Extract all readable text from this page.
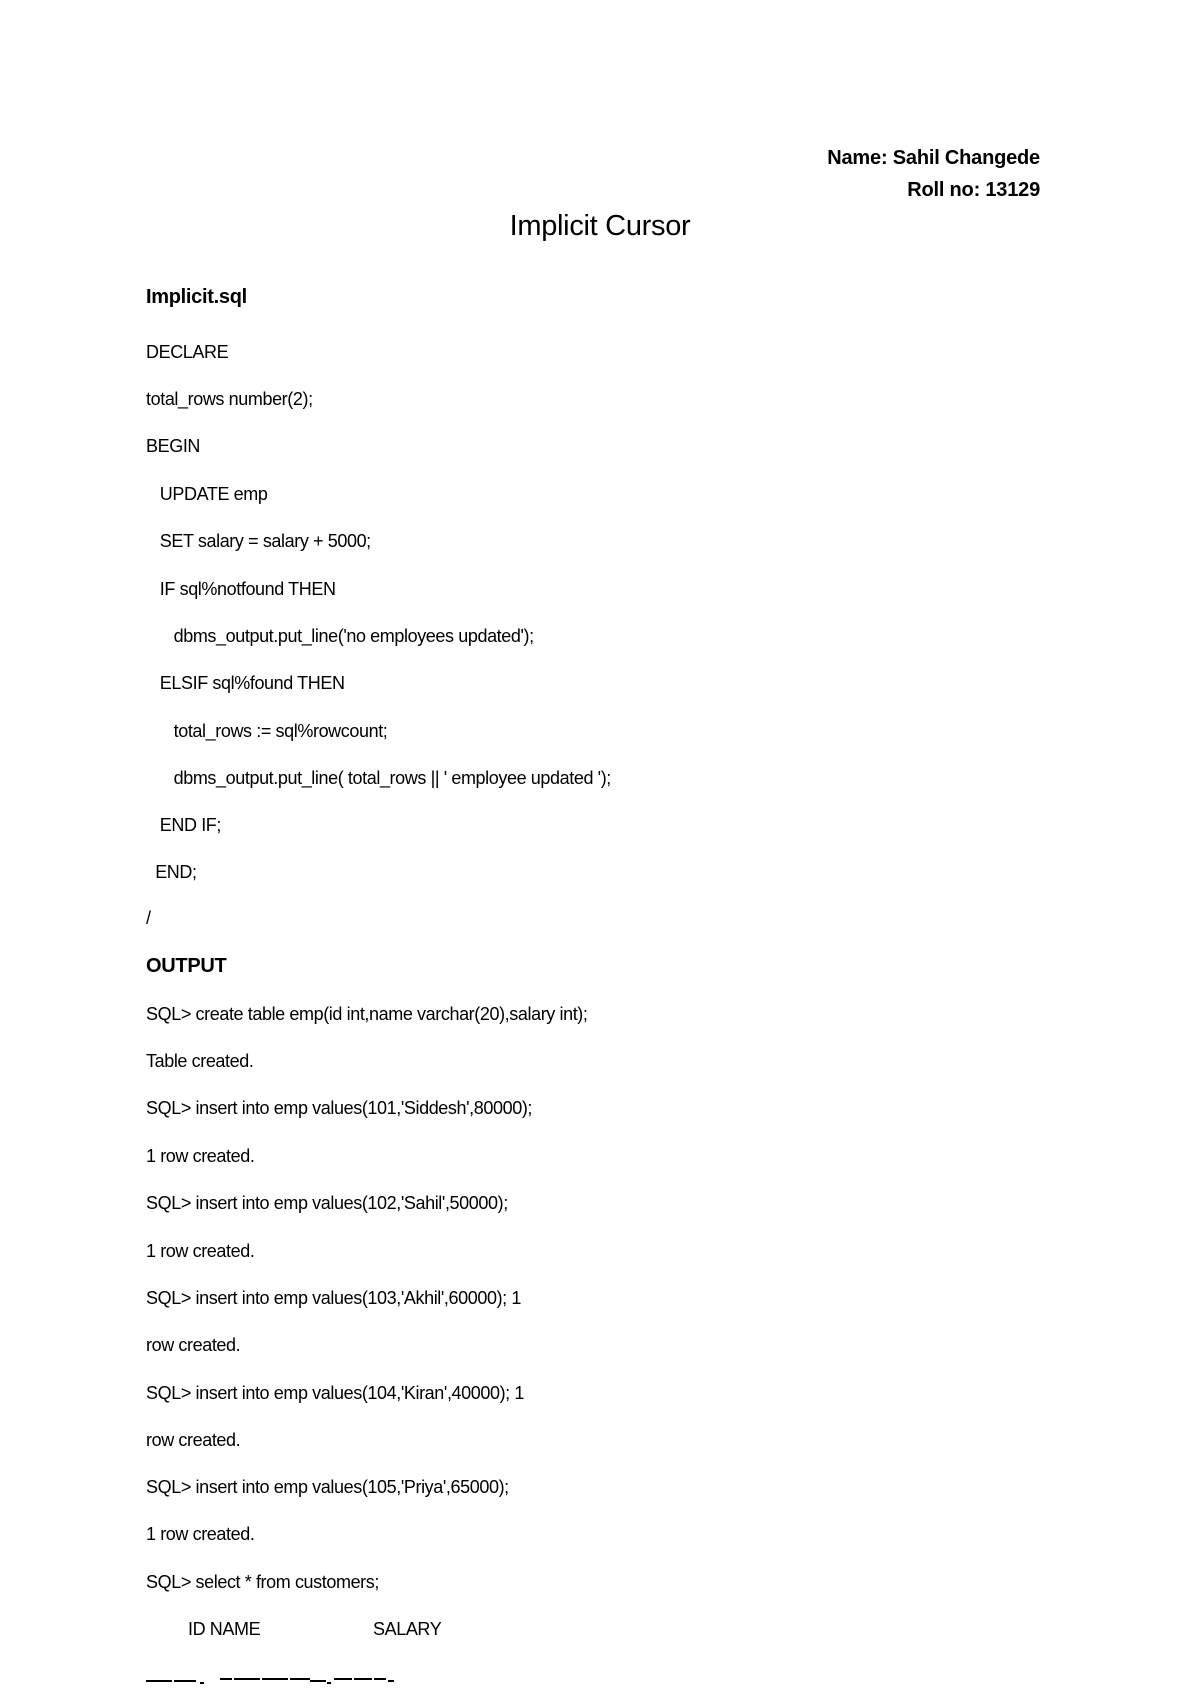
Name: Sahil Changede
Roll no: 13129
Implicit Cursor
Implicit.sql
DECLARE
total_rows number(2);
BEGIN
UPDATE emp
SET salary = salary + 5000;
IF sql%notfound THEN
dbms_output.put_line('no employees updated');
ELSIF sql%found THEN
total_rows := sql%rowcount;
dbms_output.put_line( total_rows || ' employee updated ');
END IF;
END;
/
OUTPUT
SQL> create table emp(id int,name varchar(20),salary int);
Table created.
SQL> insert into emp values(101,'Siddesh',80000);
1 row created.
SQL> insert into emp values(102,'Sahil',50000);
1 row created.
SQL> insert into emp values(103,'Akhil',60000); 1
row created.
SQL> insert into emp values(104,'Kiran',40000); 1
row created.
SQL> insert into emp values(105,'Priya',65000);
1 row created.
SQL> select * from customers;
ID NAME	SALARY
